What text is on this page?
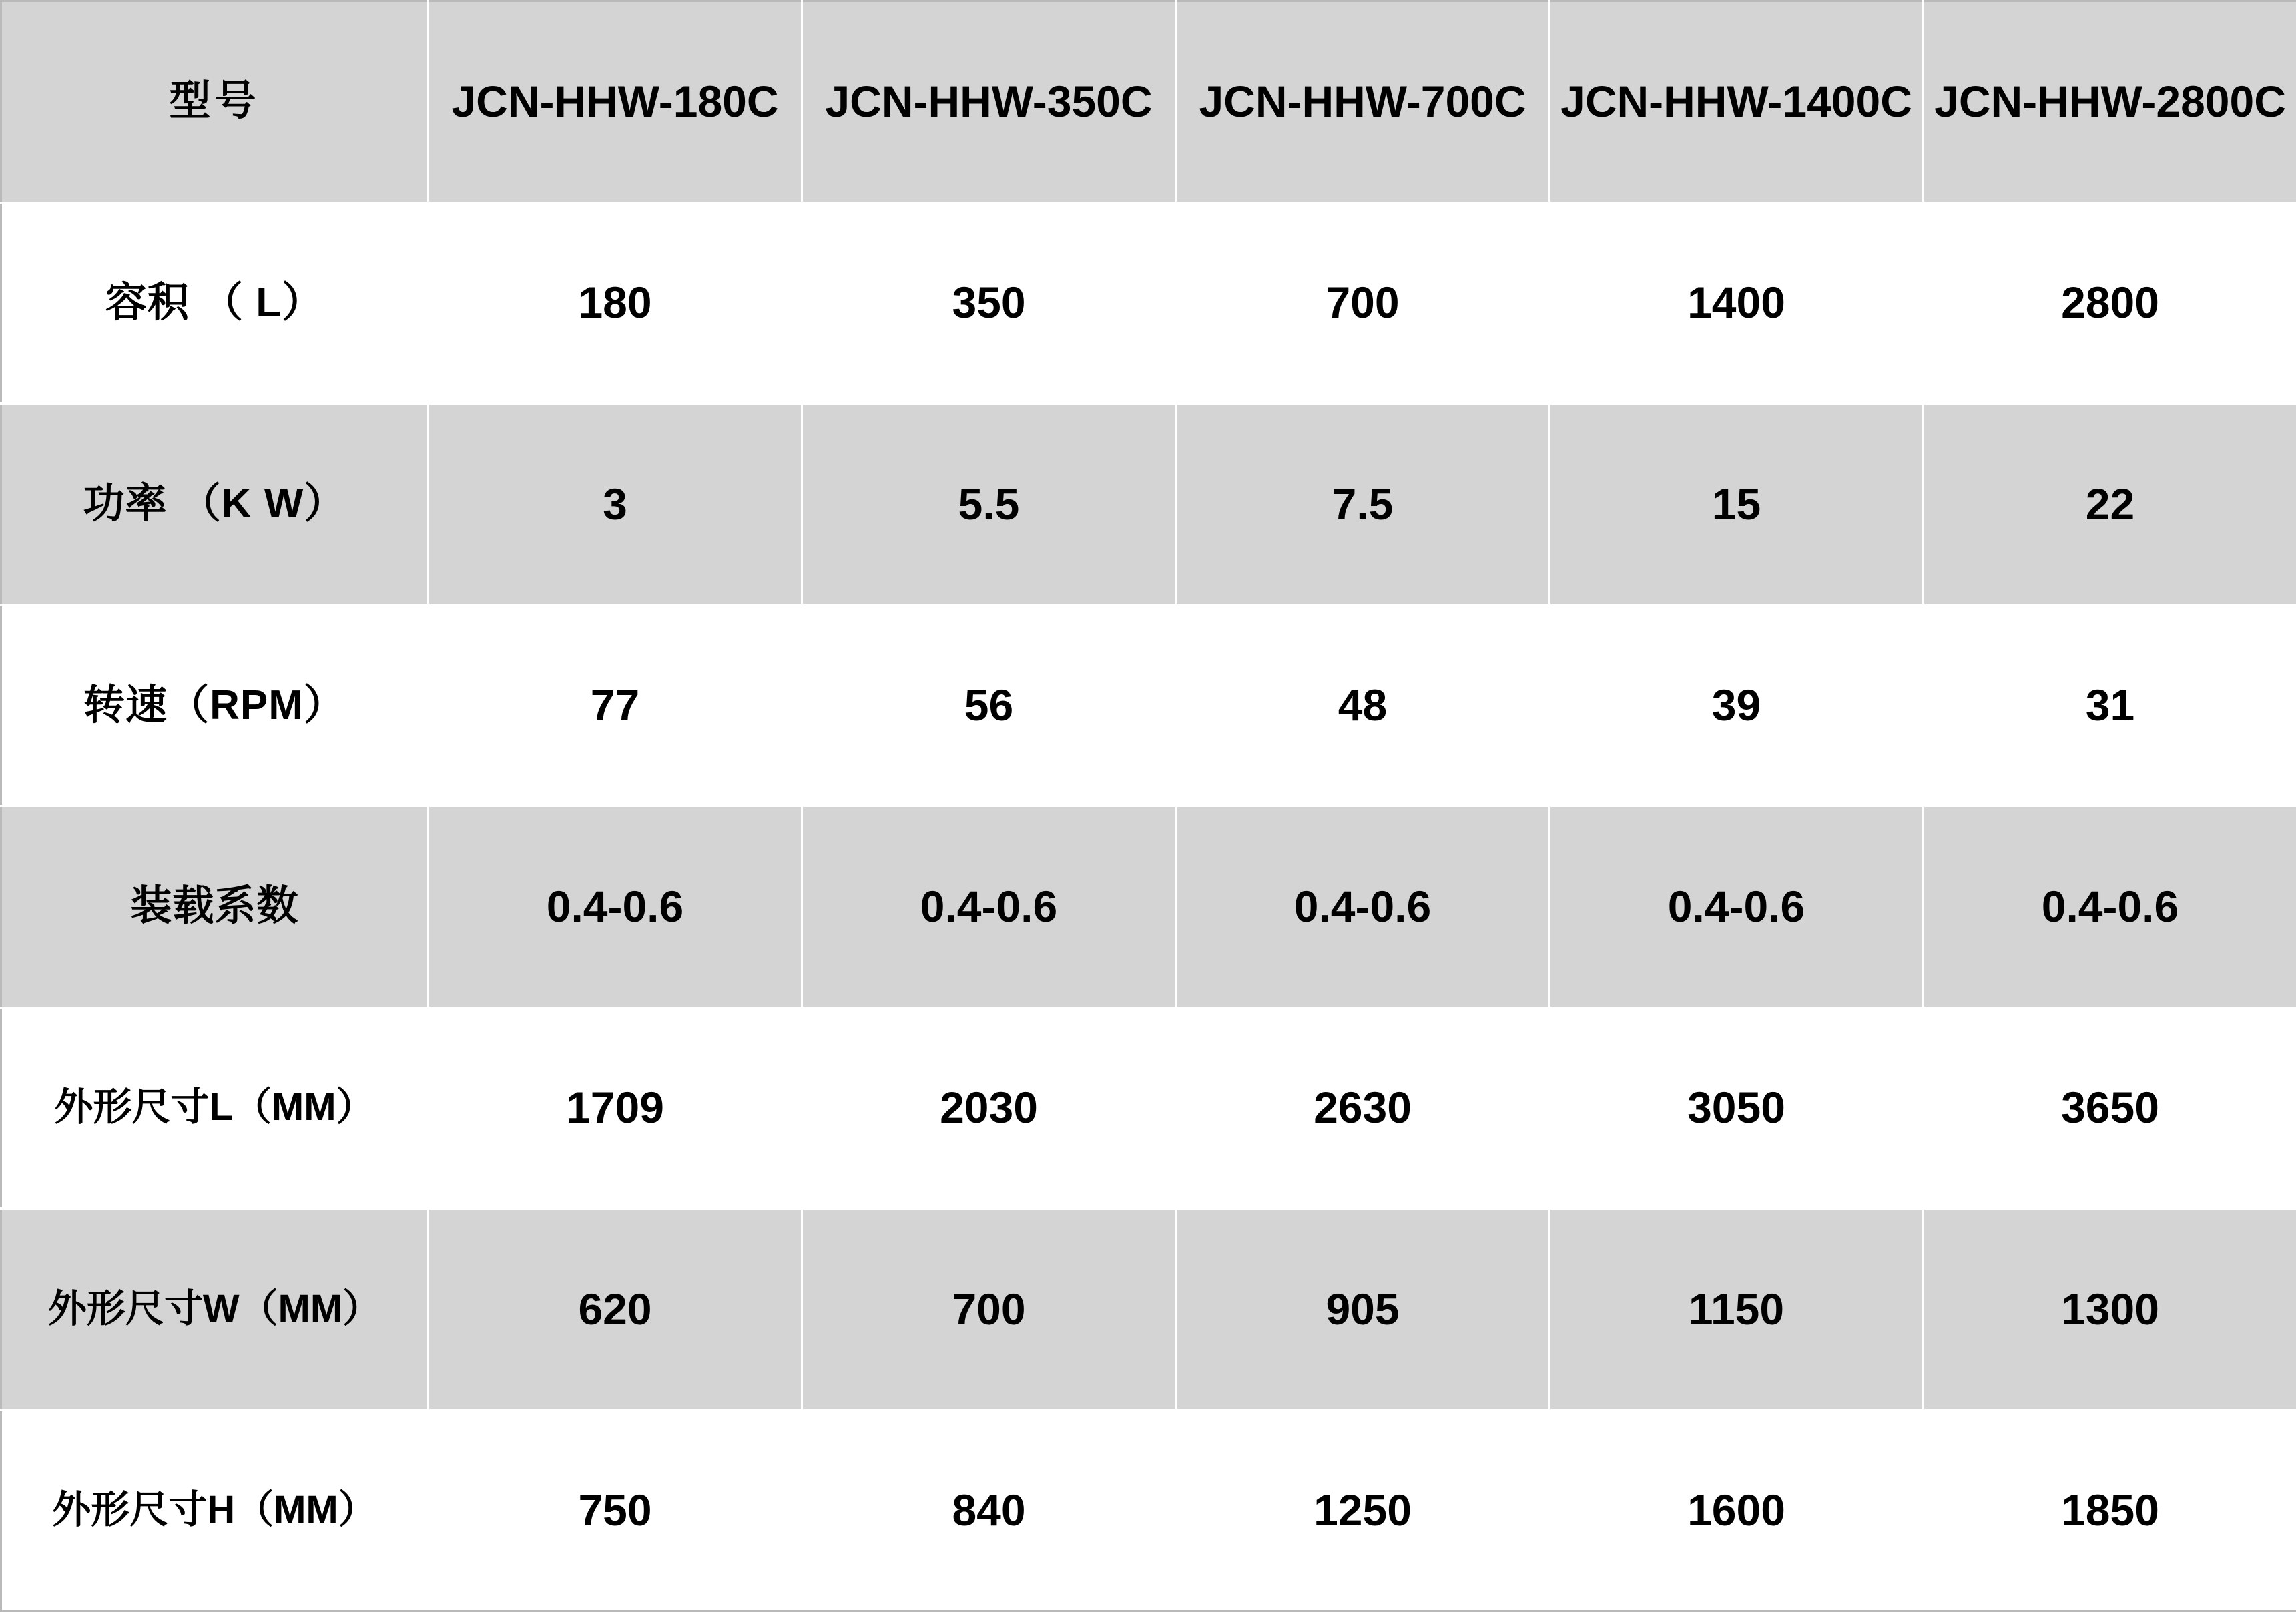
型号	JCN-HHW-180C	JCN-HHW-350C	JCN-HHW-700C	JCN-HHW-1400C	JCN-HHW-2800C
容积 （ L）	180	350	700	1400	2800
功率 （K W）	3	5.5	7.5	15	22
转速（RPM）	77	56	48	39	31
装载系数	0.4-0.6	0.4-0.6	0.4-0.6	0.4-0.6	0.4-0.6
外形尺寸L（MM）	1709	2030	2630	3050	3650
外形尺寸W（MM）	620	700	905	1150	1300
外形尺寸H（MM）	750	840	1250	1600	1850
